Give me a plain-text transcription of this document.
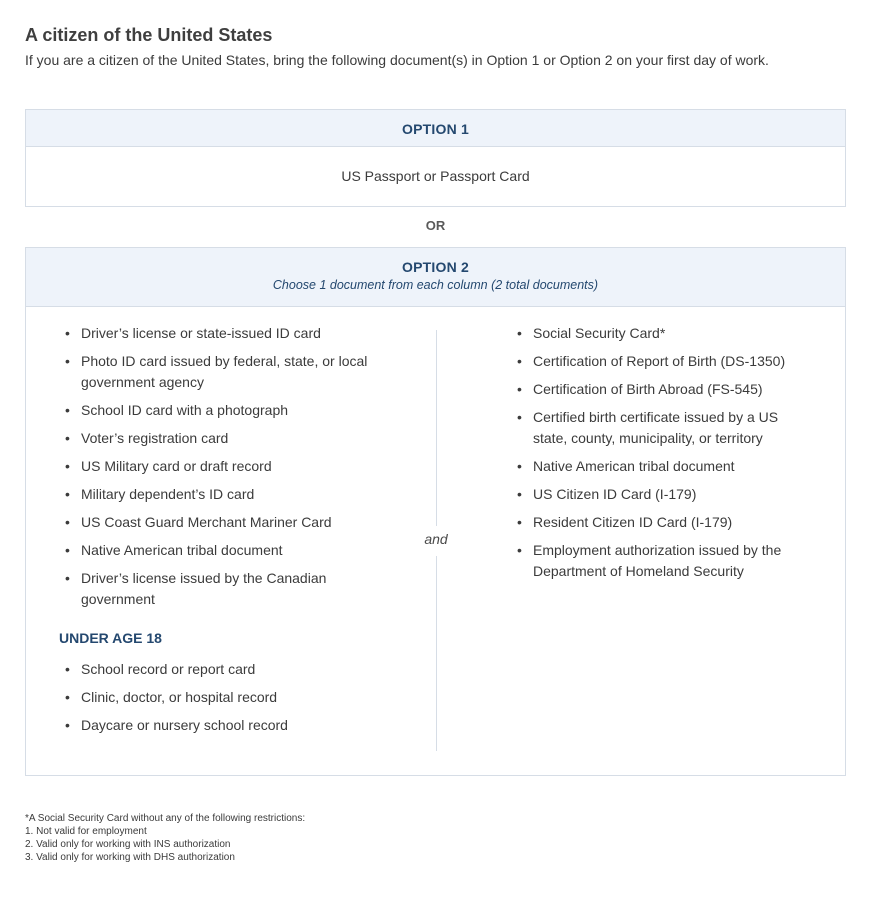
A citizen of the United States

If you are a citizen of the United States, bring the following document(s) in Option 1 or Option 2 on your first day of work.

OPTION 1
US Passport or Passport Card
OR
OPTION 2
Choose 1 document from each column (2 total documents)
• Driver’s license or state-issued ID card
• Photo ID card issued by federal, state, or local government agency
• School ID card with a photograph
• Voter’s registration card
• US Military card or draft record
• Military dependent’s ID card
• US Coast Guard Merchant Mariner Card
• Native American tribal document
• Driver’s license issued by the Canadian government
UNDER AGE 18
• School record or report card
• Clinic, doctor, or hospital record
• Daycare or nursery school record
and
• Social Security Card*
• Certification of Report of Birth (DS-1350)
• Certification of Birth Abroad (FS-545)
• Certified birth certificate issued by a US state, county, municipality, or territory
• Native American tribal document
• US Citizen ID Card (I-179)
• Resident Citizen ID Card (I-179)
• Employment authorization issued by the Department of Homeland Security
*A Social Security Card without any of the following restrictions:
1. Not valid for employment
2. Valid only for working with INS authorization
3. Valid only for working with DHS authorization
